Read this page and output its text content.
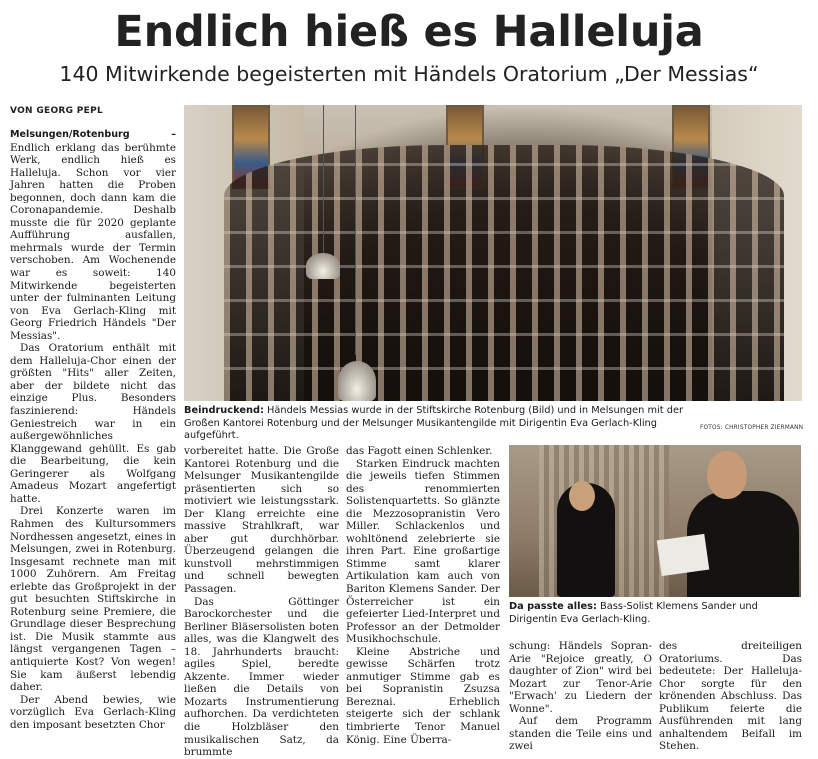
Endlich hieß es Halleluja
140 Mitwirkende begeisterten mit Händels Oratorium „Der Messias“
VON GEORG PEPL

Melsungen/Rotenburg – Endlich erklang das berühmte Werk, endlich hieß es Halleluja. Schon vor vier Jahren hatten die Proben begonnen, doch dann kam die Coronapandemie. Deshalb musste die für 2020 geplante Aufführung ausfallen, mehrmals wurde der Termin verschoben. Am Wochenende war es soweit: 140 Mitwirkende begeisterten unter der fulminanten Leitung von Eva Gerlach-Kling mit Georg Friedrich Händels "Der Messias".

Das Oratorium enthält mit dem Halleluja-Chor einen der größten "Hits" aller Zeiten, aber der bildete nicht das einzige Plus. Besonders faszinierend: Händels Geniestreich war in ein außergewöhnliches Klanggewand gehüllt. Es gab die Bearbeitung, die kein Geringerer als Wolfgang Amadeus Mozart angefertigt hatte.

Drei Konzerte waren im Rahmen des Kultursommers Nordhessen angesetzt, eines in Melsungen, zwei in Rotenburg. Insgesamt rechnete man mit 1000 Zuhörern. Am Freitag erlebte das Großprojekt in der gut besuchten Stiftskirche in Rotenburg seine Premiere, die Grundlage dieser Besprechung ist. Die Musik stammte aus längst vergangenen Tagen – antiquierte Kost? Von wegen! Sie kam äußerst lebendig daher.

Der Abend bewies, wie vorzüglich Eva Gerlach-Kling den imposant besetzten Chor

Beindruckend: Händels Messias wurde in der Stiftskirche Rotenburg (Bild) und in Melsungen mit der Großen Kantorei Rotenburg und der Melsunger Musikantengilde mit Dirigentin Eva Gerlach-Kling aufgeführt.
FOTOS: CHRISTOPHER ZIERMANN

vorbereitet hatte. Die Große Kantorei Rotenburg und die Melsunger Musikantengilde präsentierten sich so motiviert wie leistungsstark. Der Klang erreichte eine massive Strahlkraft, war aber gut durchhörbar. Überzeugend gelangen die kunstvoll mehrstimmigen und schnell bewegten Passagen.

Das Göttinger Barockorchester und die Berliner Bläsersolisten boten alles, was die Klangwelt des 18. Jahrhunderts braucht: agiles Spiel, beredte Akzente. Immer wieder ließen die Details von Mozarts Instrumentierung aufhorchen. Da verdichteten die Holzbläser den musikalischen Satz, da brummte

das Fagott einen Schlenker.

Starken Eindruck machten die jeweils tiefen Stimmen des renommierten Solistenquartetts. So glänzte die Mezzosopranistin Vero Miller. Schlackenlos und wohltönend zelebrierte sie ihren Part. Eine großartige Stimme samt klarer Artikulation kam auch von Bariton Klemens Sander. Der Österreicher ist ein gefeierter Lied-Interpret und Professor an der Detmolder Musikhochschule.

Kleine Abstriche und gewisse Schärfen trotz anmutiger Stimme gab es bei Sopranistin Zsuzsa Bereznai. Erheblich steigerte sich der schlank timbrierte Tenor Manuel König. Eine Überra-

Da passte alles: Bass-Solist Klemens Sander und Dirigentin Eva Gerlach-Kling.

schung: Händels Sopran-Arie "Rejoice greatly, O daughter of Zion" wird bei Mozart zur Tenor-Arie "Erwach' zu Liedern der Wonne".

Auf dem Programm standen die Teile eins und zwei

des dreiteiligen Oratoriums. Das bedeutete: Der Halleluja-Chor sorgte für den krönenden Abschluss. Das Publikum feierte die Ausführenden mit lang anhaltendem Beifall im Stehen.
